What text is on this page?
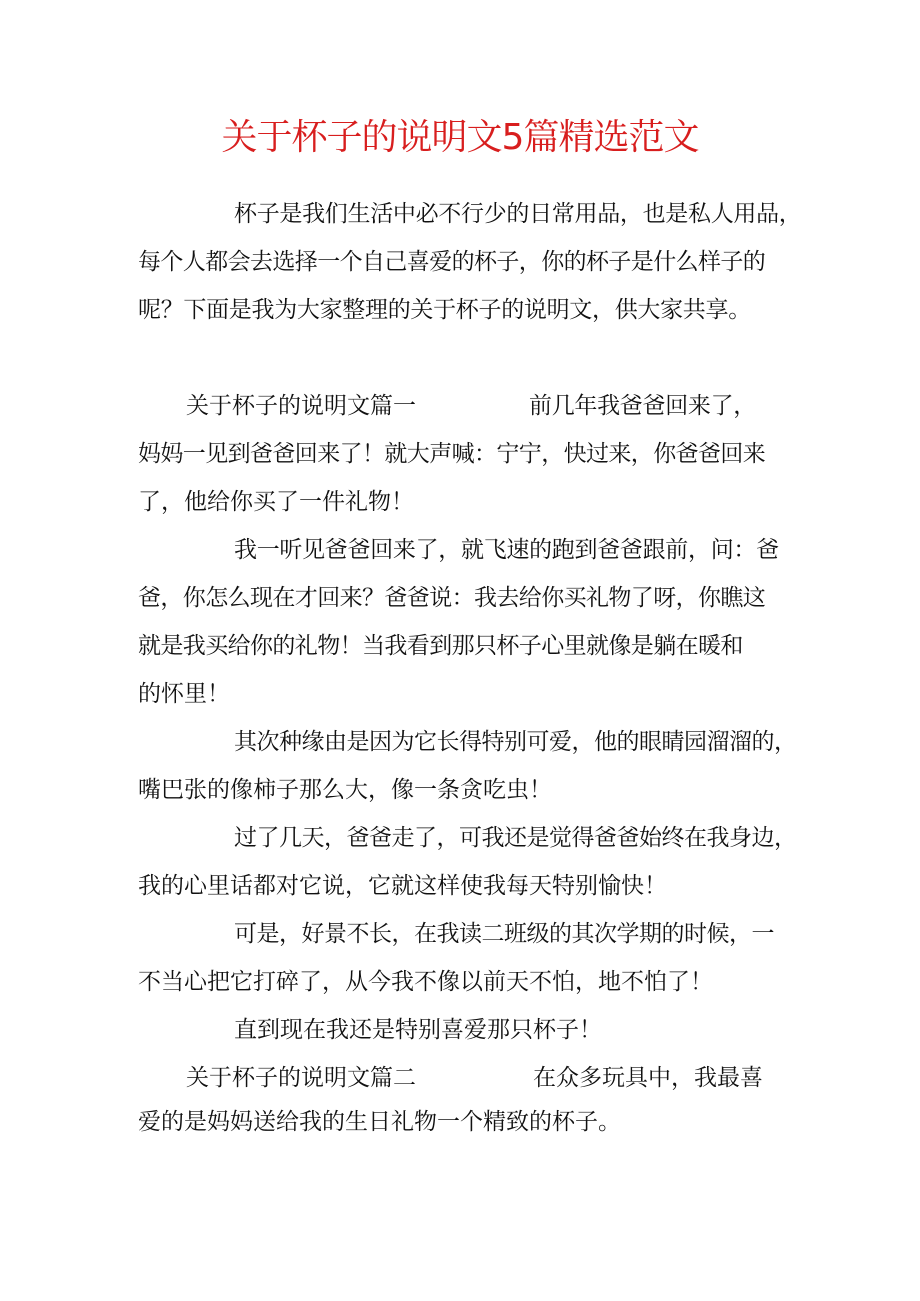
关于杯子的说明文5篇精选范文
杯子是我们生活中必不行少的日常用品，也是私人用品，
每个人都会去选择一个自己喜爱的杯子，你的杯子是什么样子的
呢？下面是我为大家整理的关于杯子的说明文，供大家共享。
关于杯子的说明文篇一	前几年我爸爸回来了，
妈妈一见到爸爸回来了！就大声喊：宁宁，快过来，你爸爸回来
了，他给你买了一件礼物！
我一听见爸爸回来了，就飞速的跑到爸爸跟前，问：爸
爸，你怎么现在才回来？爸爸说：我去给你买礼物了呀，你瞧这
就是我买给你的礼物！当我看到那只杯子心里就像是躺在暖和
的怀里！
其次种缘由是因为它长得特别可爱，他的眼睛园溜溜的，
嘴巴张的像柿子那么大，像一条贪吃虫！
过了几天，爸爸走了，可我还是觉得爸爸始终在我身边，
我的心里话都对它说，它就这样使我每天特别愉快！
可是，好景不长，在我读二班级的其次学期的时候，一
不当心把它打碎了，从今我不像以前天不怕，地不怕了！
直到现在我还是特别喜爱那只杯子！
关于杯子的说明文篇二	在众多玩具中，我最喜
爱的是妈妈送给我的生日礼物一个精致的杯子。
